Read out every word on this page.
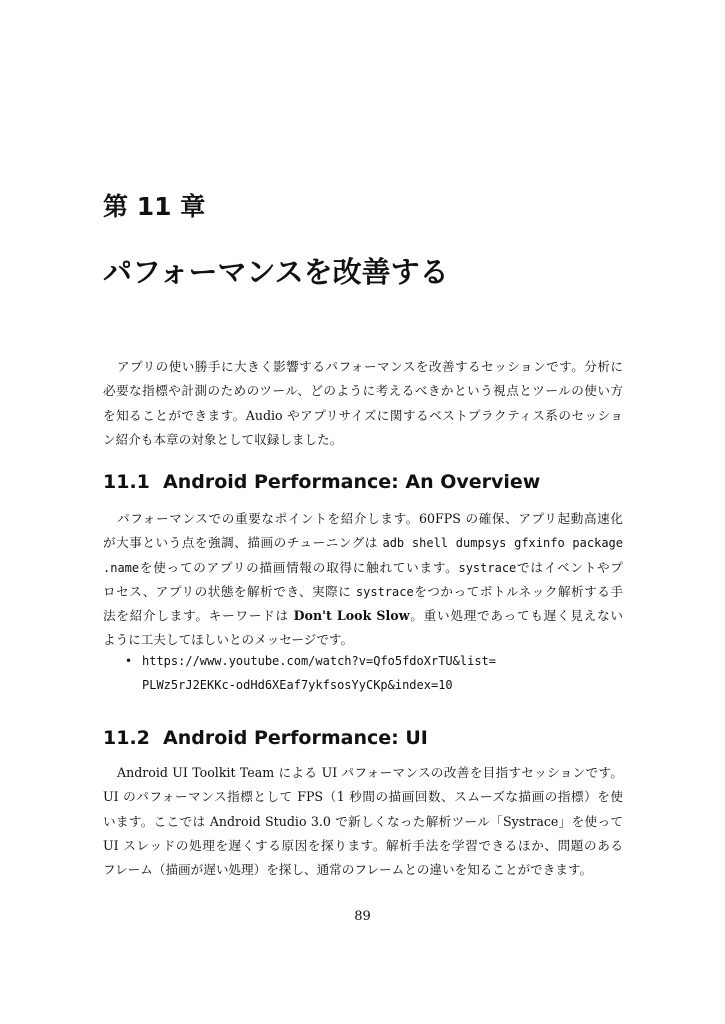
第 11 章
パフォーマンスを改善する
アプリの使い勝手に大きく影響するパフォーマンスを改善するセッションです。分析に
必要な指標や計測のためのツール、どのように考えるべきかという視点とツールの使い方
を知ることができます。Audio やアプリサイズに関するベストプラクティス系のセッショ
ン紹介も本章の対象として収録しました。
11.1 Android Performance: An Overview
パフォーマンスでの重要なポイントを紹介します。60FPS の確保、アプリ起動高速化
が大事という点を強調、描画のチューニングは adb shell dumpsys gfxinfo package
.nameを使ってのアプリの描画情報の取得に触れています。systraceではイベントやプ
ロセス、アプリの状態を解析でき、実際に systraceをつかってボトルネック解析する手
法を紹介します。キーワードは Don't Look Slow。重い処理であっても遅く見えない
ように工夫してほしいとのメッセージです。
• https://www.youtube.com/watch?v=Qfo5fdoXrTU&list=
PLWz5rJ2EKKc-odHd6XEaf7ykfsosYyCKp&index=10
11.2 Android Performance: UI
Android UI Toolkit Team による UI パフォーマンスの改善を目指すセッションです。
UI のパフォーマンス指標として FPS（1 秒間の描画回数、スムーズな描画の指標）を使
います。ここでは Android Studio 3.0 で新しくなった解析ツール「Systrace」を使って
UI スレッドの処理を遅くする原因を探ります。解析手法を学習できるほか、問題のある
フレーム（描画が遅い処理）を探し、通常のフレームとの違いを知ることができます。
89
